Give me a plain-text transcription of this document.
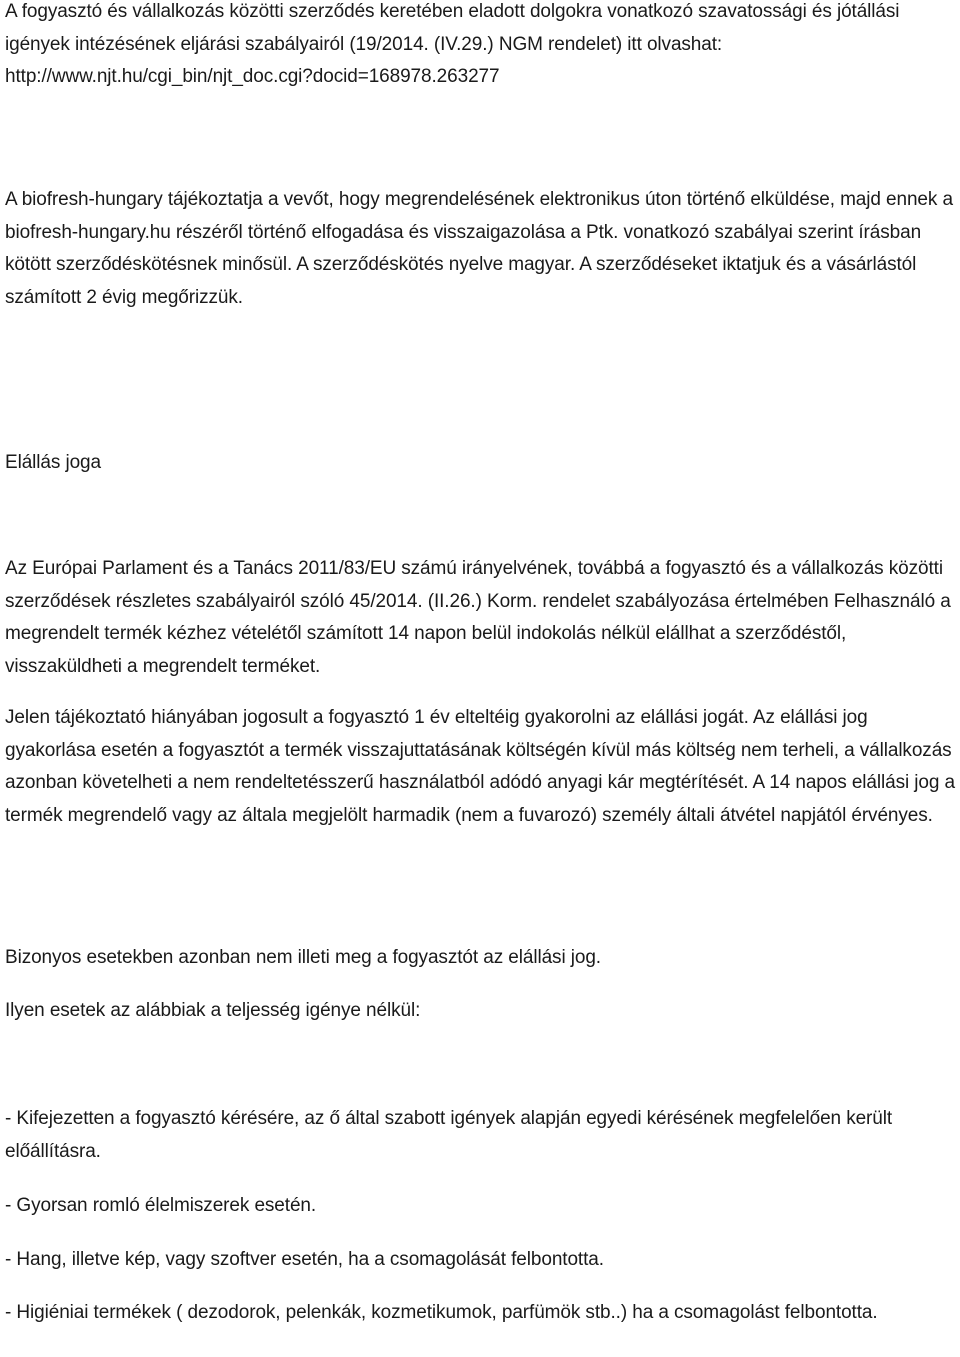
A fogyasztó és vállalkozás közötti szerződés keretében eladott dolgokra vonatkozó szavatossági és jótállási igények intézésének eljárási szabályairól (19/2014. (IV.29.) NGM rendelet) itt olvashat: http://www.njt.hu/cgi_bin/njt_doc.cgi?docid=168978.263277

A biofresh-hungary tájékoztatja a vevőt, hogy megrendelésének elektronikus úton történő elküldése, majd ennek a biofresh-hungary.hu részéről történő elfogadása és visszaigazolása a Ptk. vonatkozó szabályai szerint írásban kötött szerződéskötésnek minősül. A szerződéskötés nyelve magyar. A szerződéseket iktatjuk és a vásárlástól számított 2 évig megőrizzük.

Elállás joga

Az Európai Parlament és a Tanács 2011/83/EU számú irányelvének, továbbá a fogyasztó és a vállalkozás közötti szerződések részletes szabályairól szóló 45/2014. (II.26.) Korm. rendelet szabályozása értelmében Felhasználó a megrendelt termék kézhez vételétől számított 14 napon belül indokolás nélkül elállhat a szerződéstől, visszaküldheti a megrendelt terméket.

Jelen tájékoztató hiányában jogosult a fogyasztó 1 év elteltéig gyakorolni az elállási jogát. Az elállási jog gyakorlása esetén a fogyasztót a termék visszajuttatásának költségén kívül más költség nem terheli, a vállalkozás azonban követelheti a nem rendeltetésszerű használatból adódó anyagi kár megtérítését. A 14 napos elállási jog a termék megrendelő vagy az általa megjelölt harmadik (nem a fuvarozó) személy általi átvétel napjától érvényes.

Bizonyos esetekben azonban nem illeti meg a fogyasztót az elállási jog.

Ilyen esetek az alábbiak a teljesség igénye nélkül:

- Kifejezetten a fogyasztó kérésére, az ő által szabott igények alapján egyedi kérésének megfelelően került előállításra.

- Gyorsan romló élelmiszerek esetén.

- Hang, illetve kép, vagy szoftver esetén, ha a csomagolását felbontotta.

- Higiéniai termékek ( dezodorok, pelenkák, kozmetikumok, parfümök stb..) ha a csomagolást felbontotta.
